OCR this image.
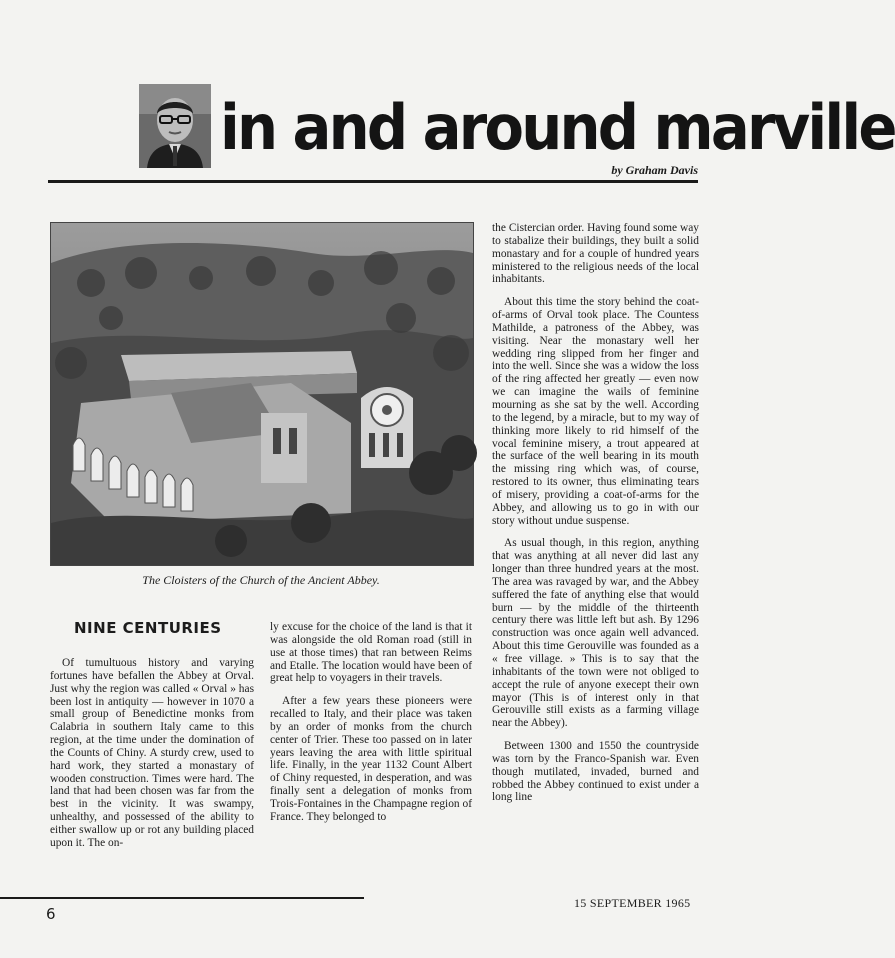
in and around marville
by Graham Davis
The Cloisters of the Church of the Ancient Abbey.
NINE CENTURIES

Of tumultuous history and varying fortunes have befallen the Abbey at Orval. Just why the region was called « Orval » has been lost in antiquity — however in 1070 a small group of Benedictine monks from Calabria in southern Italy came to this region, at the time under the domination of the Counts of Chiny. A sturdy crew, used to hard work, they started a monastary of wooden construction. Times were hard. The land that had been chosen was far from the best in the vicinity. It was swampy, unhealthy, and possessed of the ability to either swallow up or rot any building placed upon it. The on-

ly excuse for the choice of the land is that it was alongside the old Roman road (still in use at those times) that ran between Reims and Etalle. The location would have been of great help to voyagers in their travels.

After a few years these pioneers were recalled to Italy, and their place was taken by an order of monks from the church center of Trier. These too passed on in later years leaving the area with little spiritual life. Finally, in the year 1132 Count Albert of Chiny requested, in desperation, and was finally sent a delegation of monks from Trois-Fontaines in the Champagne region of France. They belonged to

the Cistercian order. Having found some way to stabalize their buildings, they built a solid monastary and for a couple of hundred years ministered to the religious needs of the local inhabitants.

About this time the story behind the coat-of-arms of Orval took place. The Countess Mathilde, a patroness of the Abbey, was visiting. Near the monastary well her wedding ring slipped from her finger and into the well. Since she was a widow the loss of the ring affected her greatly — even now we can imagine the wails of feminine mourning as she sat by the well. According to the legend, by a miracle, but to my way of thinking more likely to rid himself of the vocal feminine misery, a trout appeared at the surface of the well bearing in its mouth the missing ring which was, of course, restored to its owner, thus eliminating tears of misery, providing a coat-of-arms for the Abbey, and allowing us to go in with our story without undue suspense.

As usual though, in this region, anything that was anything at all never did last any longer than three hundred years at the most. The area was ravaged by war, and the Abbey suffered the fate of anything else that would burn — by the middle of the thirteenth century there was little left but ash. By 1296 construction was once again well advanced. About this time Gerouville was founded as a « free village. » This is to say that the inhabitants of the town were not obliged to accept the rule of anyone execept their own mayor (This is of interest only in that Gerouville still exists as a farming village near the Abbey).

Between 1300 and 1550 the countryside was torn by the Franco-Spanish war. Even though mutilated, invaded, burned and robbed the Abbey continued to exist under a long line

6
15 SEPTEMBER 1965
